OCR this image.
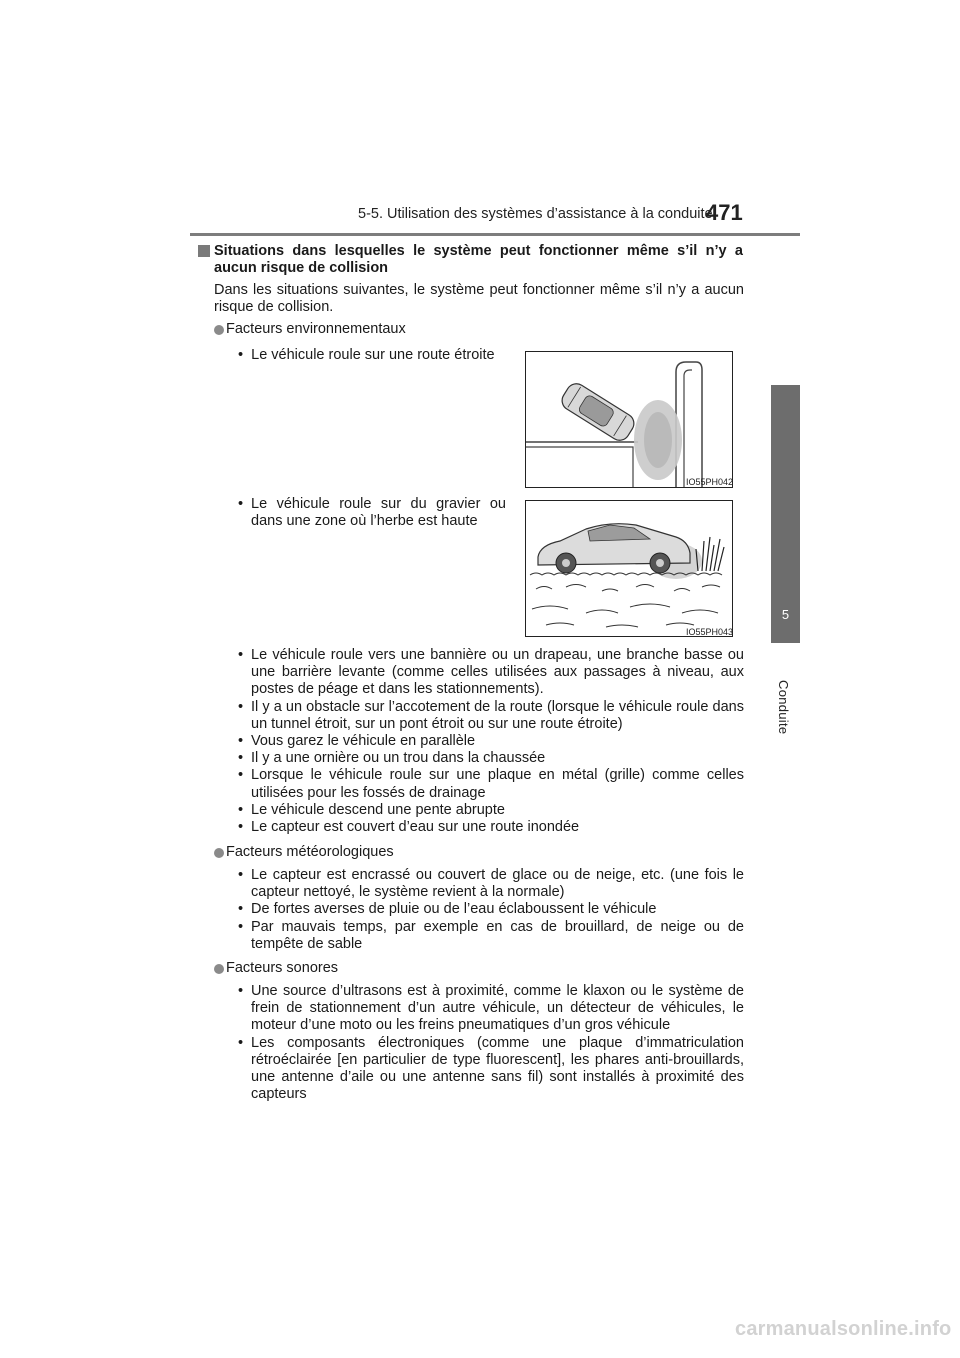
5-5. Utilisation des systèmes d’assistance à la conduite
471
5
Conduite
Situations dans lesquelles le système peut fonctionner même s’il n’y a aucun risque de collision
Dans les situations suivantes, le système peut fonctionner même s’il n’y a aucun risque de collision.
Facteurs environnementaux
•  Le véhicule roule sur une route étroite
IO55PH042
• Le véhicule roule sur du gravier ou dans une zone où l’herbe est haute
IO55PH043
• Le véhicule roule vers une bannière ou un drapeau, une branche basse ou une barrière levante (comme celles utilisées aux passages à niveau, aux postes de péage et dans les stationnements).
• Il y a un obstacle sur l’accotement de la route (lorsque le véhicule roule dans un tunnel étroit, sur un pont étroit ou sur une route étroite)
• Vous garez le véhicule en parallèle
• Il y a une ornière ou un trou dans la chaussée
• Lorsque le véhicule roule sur une plaque en métal (grille) comme celles utilisées pour les fossés de drainage
• Le véhicule descend une pente abrupte
• Le capteur est couvert d’eau sur une route inondée
Facteurs météorologiques
• Le capteur est encrassé ou couvert de glace ou de neige, etc. (une fois le capteur nettoyé, le système revient à la normale)
• De fortes averses de pluie ou de l’eau éclaboussent le véhicule
• Par mauvais temps, par exemple en cas de brouillard, de neige ou de tempête de sable
Facteurs sonores
• Une source d’ultrasons est à proximité, comme le klaxon ou le système de frein de stationnement d’un autre véhicule, un détecteur de véhicules, le moteur d’une moto ou les freins pneumatiques d’un gros véhicule
• Les composants électroniques (comme une plaque d’immatriculation rétroéclairée [en particulier de type fluorescent], les phares anti-brouillards, une antenne d’aile ou une antenne sans fil) sont installés à proximité des capteurs
carmanualsonline.info
